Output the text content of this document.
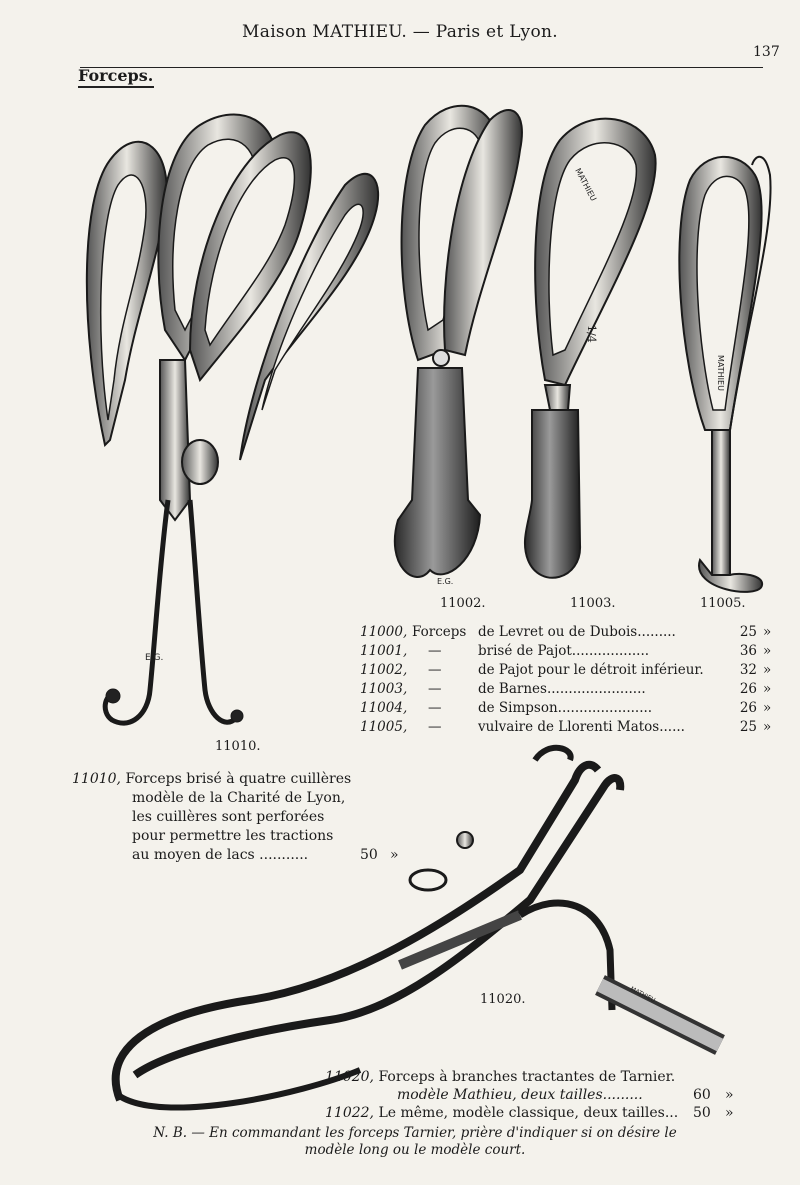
Maison MATHIEU. — Paris et Lyon.
137
Forceps.
E.G.
E.G.
MATHIEU
1/4
MATHIEU
MATHIEU
11002.	11003.	11005.
11010.
11020.
11000, Forceps de Levret ou de Dubois.........	25 »
11001, —	brisé de Pajot..................	36 »
11002, —	de Pajot pour le détroit inférieur.	32 »
11003, —	de Barnes.......................	26 »
11004, —	de Simpson......................	26 »
11005, —	vulvaire de Llorenti Matos......	25 »
11010, Forceps brisé à quatre cuillères
modèle de la Charité de Lyon,
les cuillères sont perforées
pour permettre les tractions
au moyen de lacs ...........	50 »
11020, Forceps à branches tractantes de Tarnier.
modèle Mathieu, deux tailles.........	60 »
11022, Le même, modèle classique, deux tailles... 50 »
N. B. — En commandant les forceps Tarnier, prière d'indiquer si on désire le
modèle long ou le modèle court.
